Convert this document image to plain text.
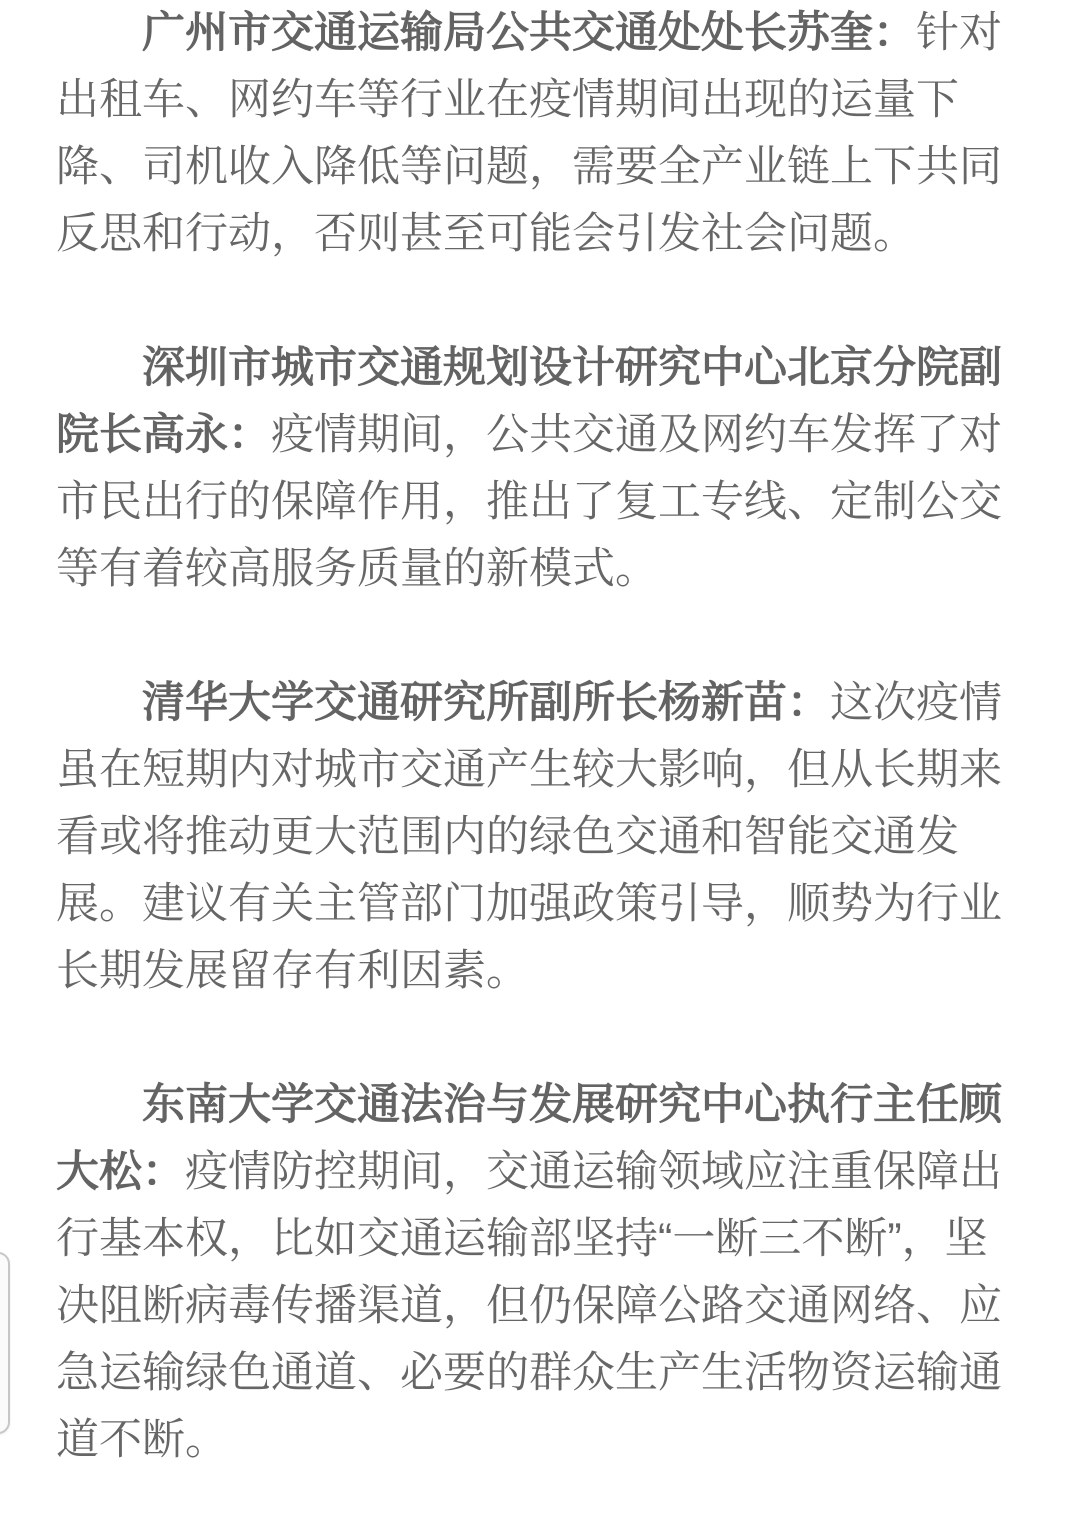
广州市交通运输局公共交通处处长苏奎：针对出租车、网约车等行业在疫情期间出现的运量下降、司机收入降低等问题，需要全产业链上下共同反思和行动，否则甚至可能会引发社会问题。

深圳市城市交通规划设计研究中心北京分院副院长高永：疫情期间，公共交通及网约车发挥了对市民出行的保障作用，推出了复工专线、定制公交等有着较高服务质量的新模式。

清华大学交通研究所副所长杨新苗：这次疫情虽在短期内对城市交通产生较大影响，但从长期来看或将推动更大范围内的绿色交通和智能交通发展。建议有关主管部门加强政策引导，顺势为行业长期发展留存有利因素。

东南大学交通法治与发展研究中心执行主任顾大松：疫情防控期间，交通运输领域应注重保障出行基本权，比如交通运输部坚持“一断三不断”，坚决阻断病毒传播渠道，但仍保障公路交通网络、应急运输绿色通道、必要的群众生产生活物资运输通道不断。
